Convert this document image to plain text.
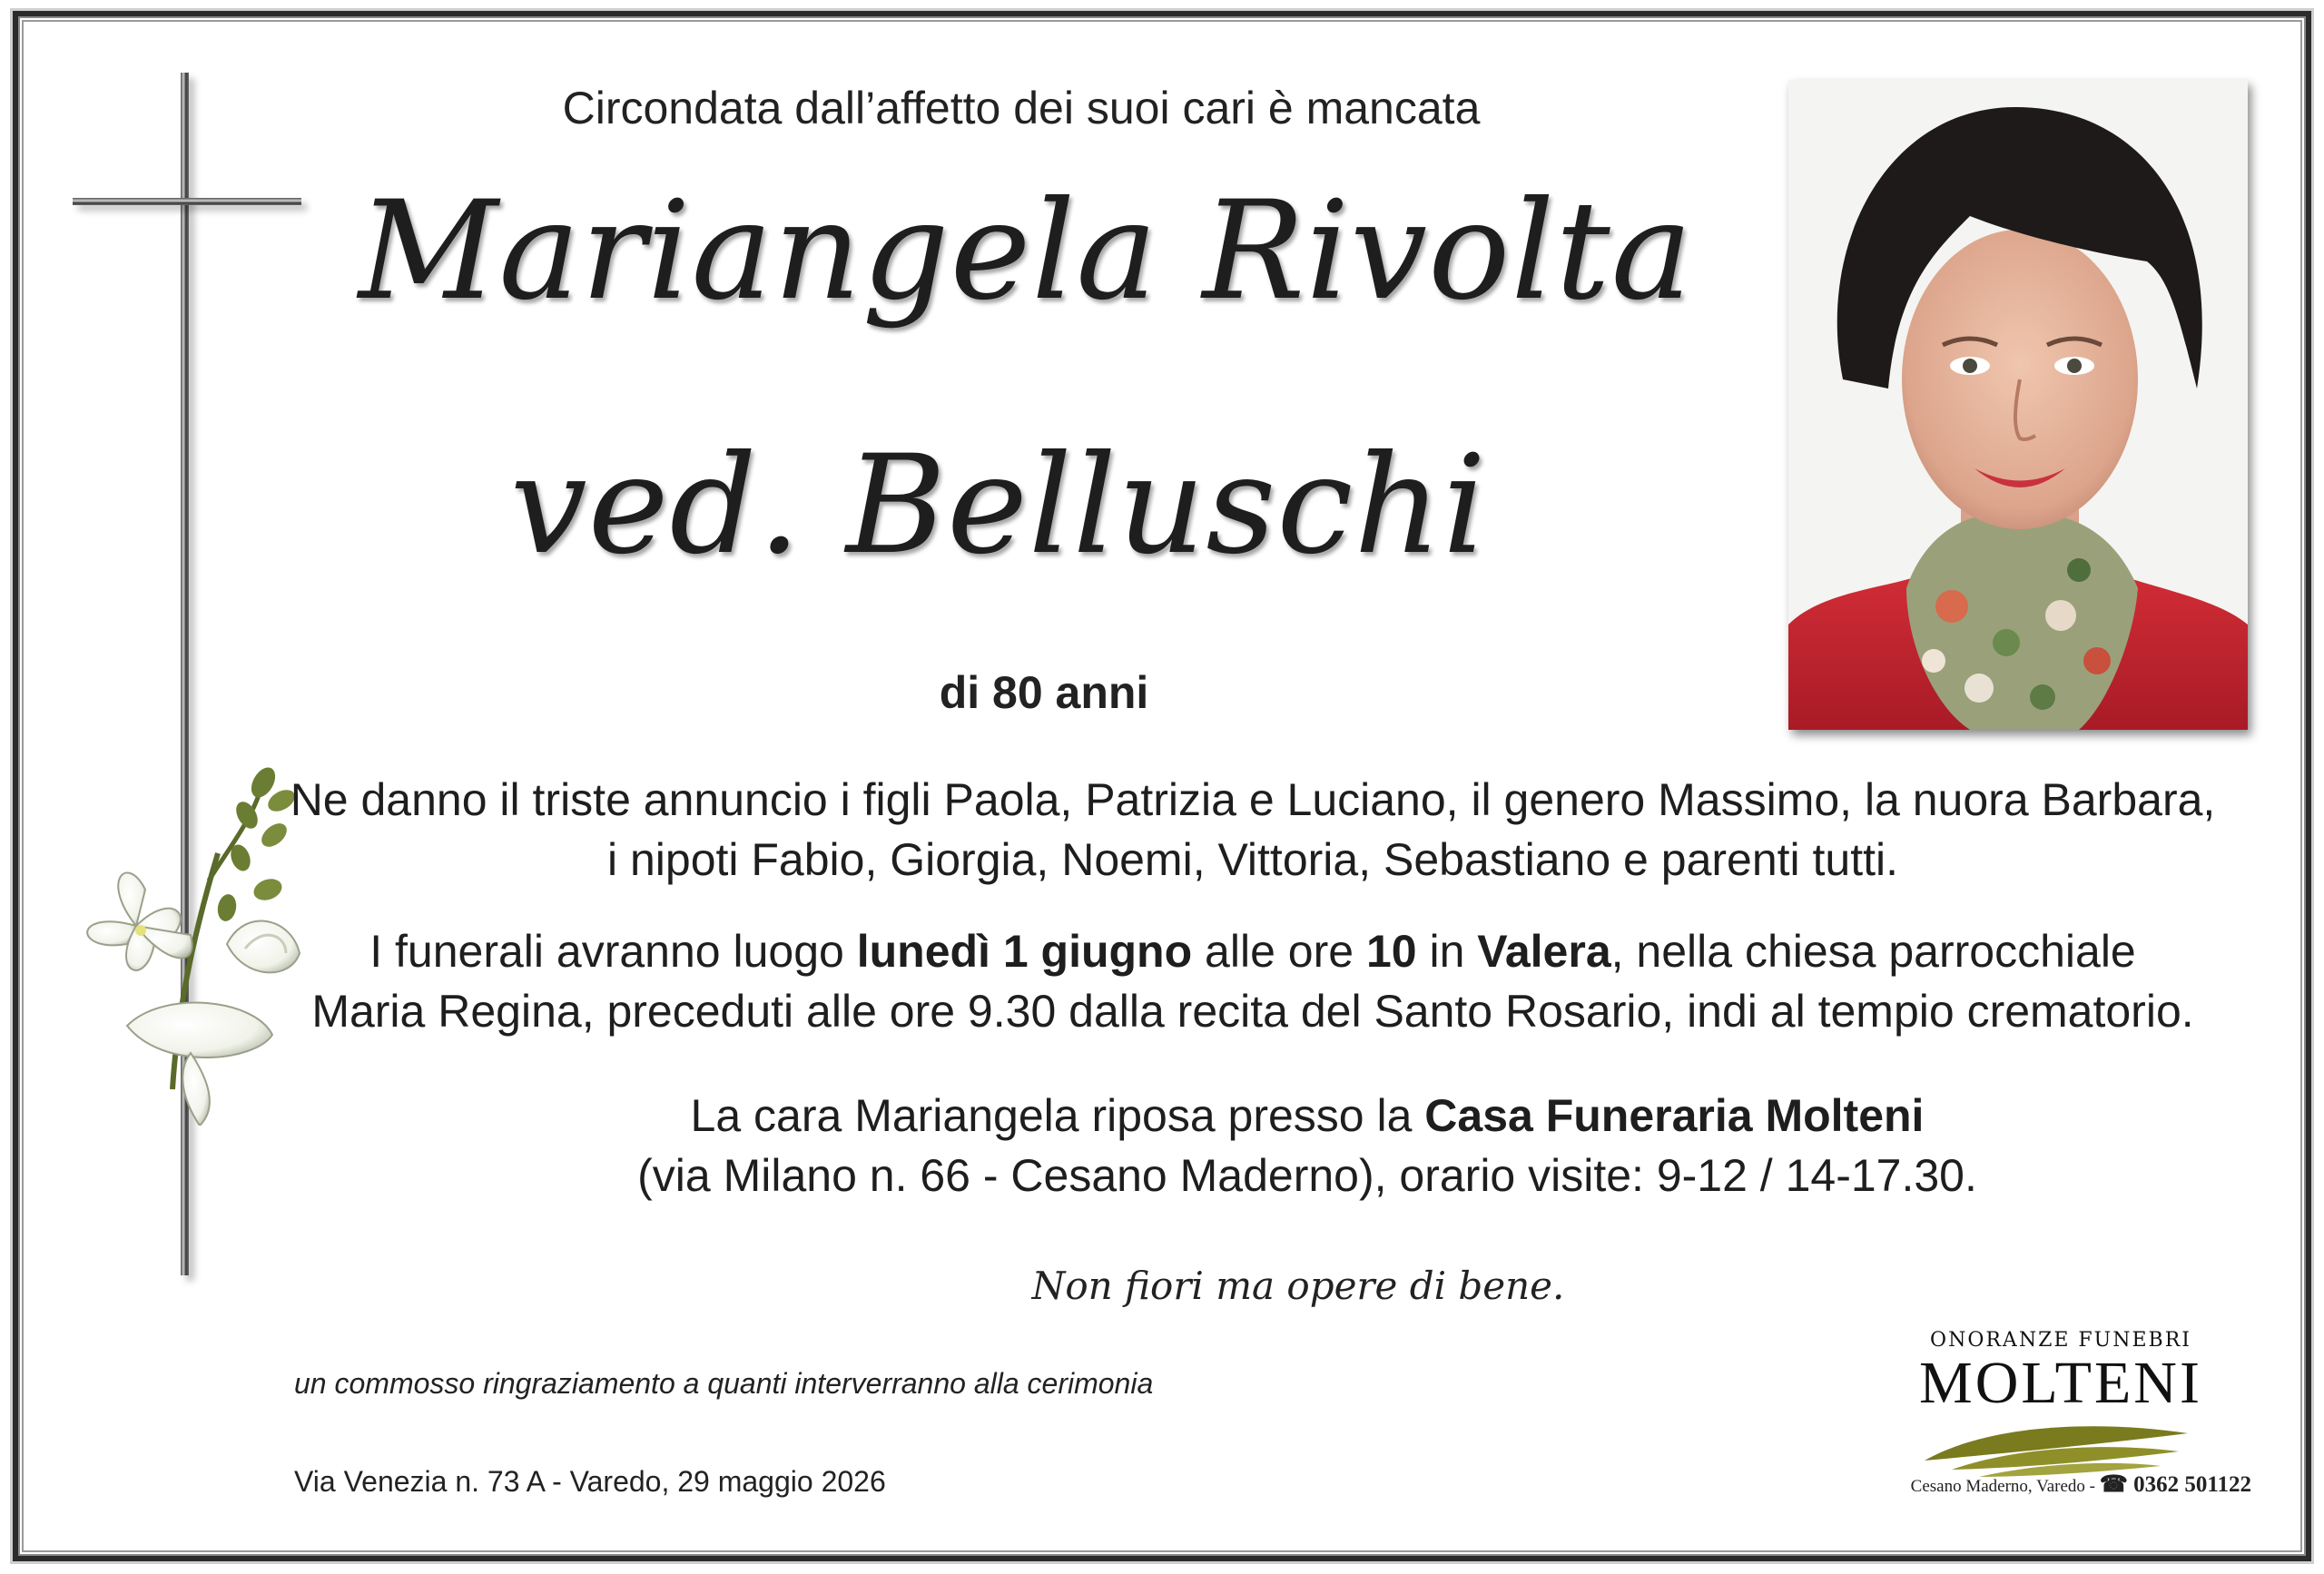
Circondata dall’affetto dei suoi cari è mancata
Mariangela Rivolta
ved. Belluschi
di 80 anni
Ne danno il triste annuncio i figli Paola, Patrizia e Luciano, il genero Massimo, la nuora Barbara,
i nipoti Fabio, Giorgia, Noemi, Vittoria, Sebastiano e parenti tutti.
I funerali avranno luogo lunedì 1 giugno alle ore 10 in Valera, nella chiesa parrocchiale
Maria Regina, preceduti alle ore 9.30 dalla recita del Santo Rosario, indi al tempio crematorio.
La cara Mariangela riposa presso la Casa Funeraria Molteni
(via Milano n. 66 - Cesano Maderno), orario visite: 9-12 / 14-17.30.
Non fiori ma opere di bene.
un commosso ringraziamento a quanti interverranno alla cerimonia
Via Venezia n. 73 A - Varedo, 29 maggio 2026
ONORANZE FUNEBRI
MOLTENI
Cesano Maderno, Varedo - ☎ 0362 501122
